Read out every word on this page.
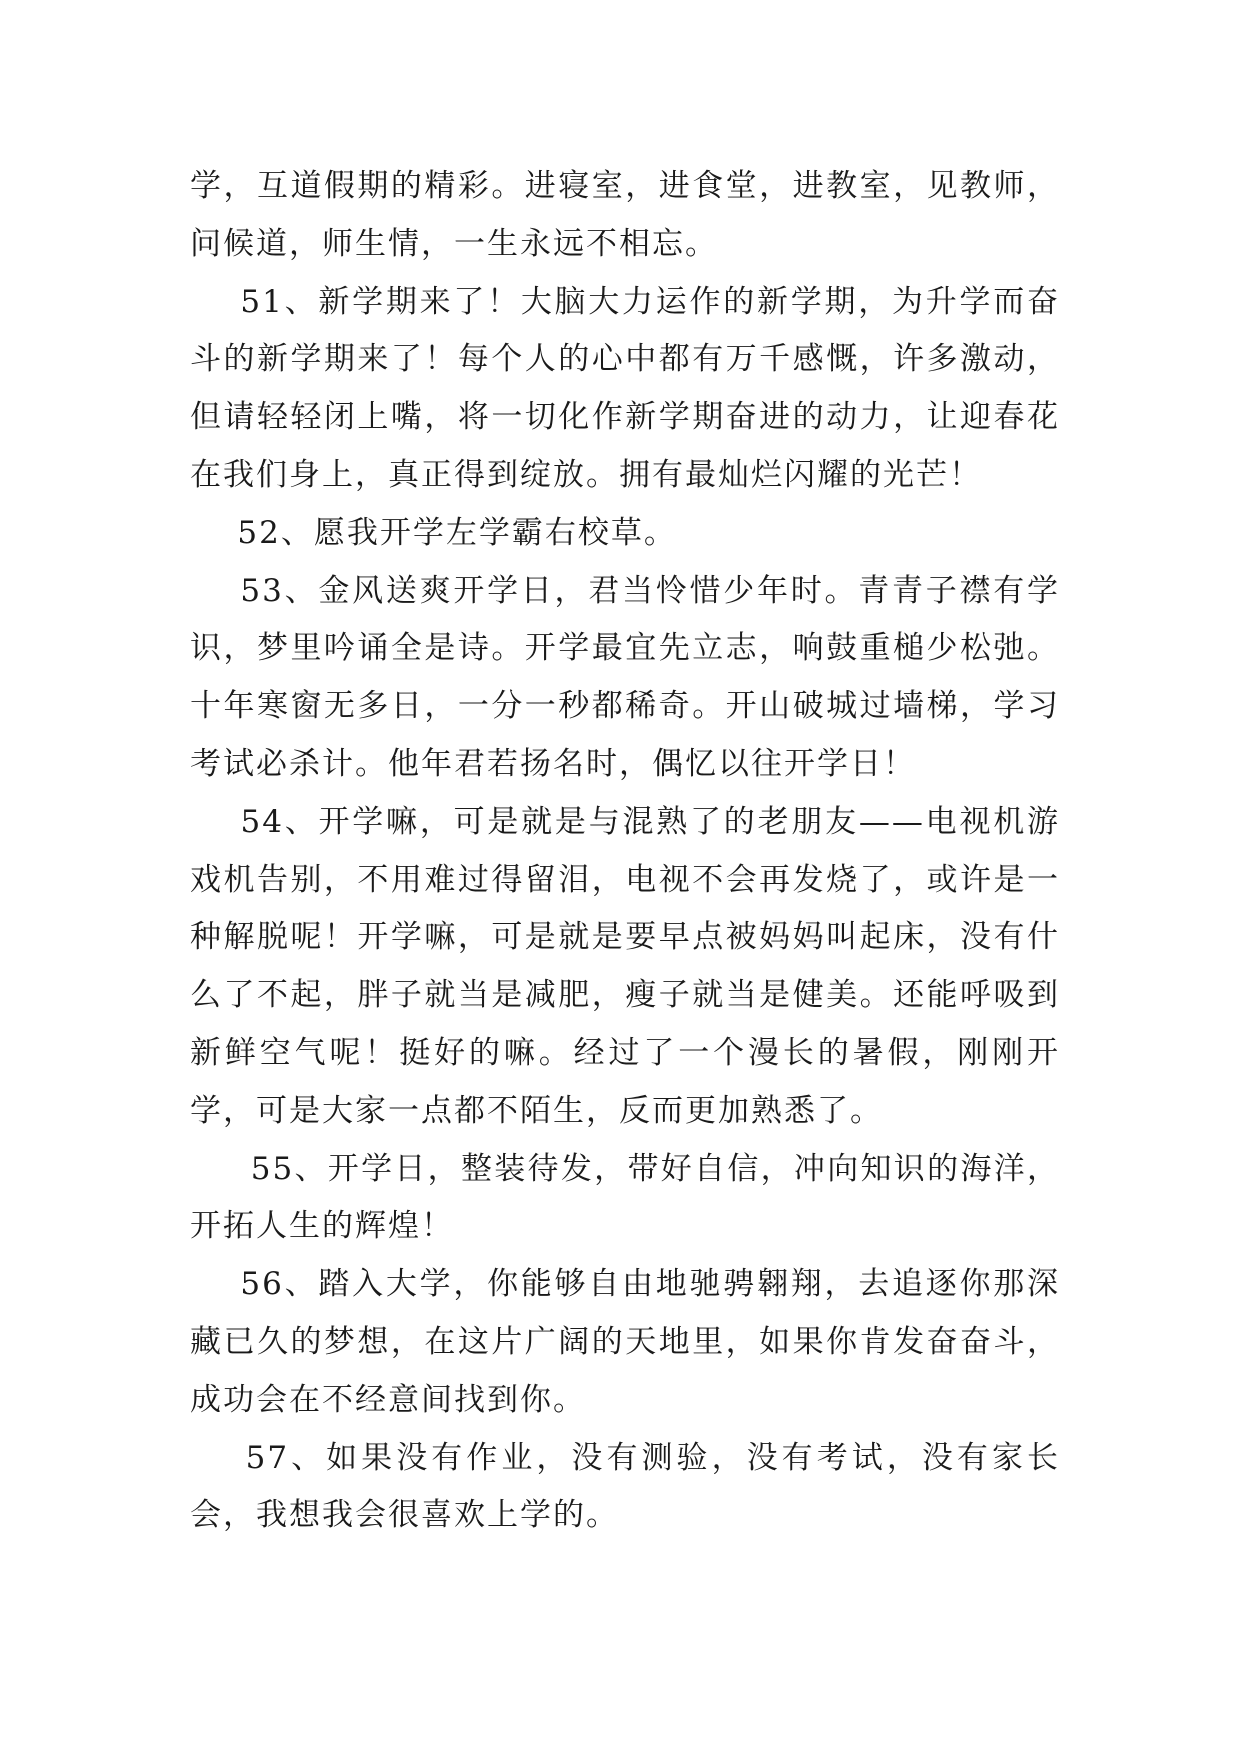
学，互道假期的精彩。进寝室，进食堂，进教室，见教师，问候道，师生情，一生永远不相忘。

51、新学期来了！大脑大力运作的新学期，为升学而奋斗的新学期来了！每个人的心中都有万千感慨，许多激动，但请轻轻闭上嘴，将一切化作新学期奋进的动力，让迎春花在我们身上，真正得到绽放。拥有最灿烂闪耀的光芒！

52、愿我开学左学霸右校草。

53、金风送爽开学日，君当怜惜少年时。青青子襟有学识，梦里吟诵全是诗。开学最宜先立志，响鼓重槌少松弛。十年寒窗无多日，一分一秒都稀奇。开山破城过墙梯，学习考试必杀计。他年君若扬名时，偶忆以往开学日！

54、开学嘛，可是就是与混熟了的老朋友——电视机游戏机告别，不用难过得留泪，电视不会再发烧了，或许是一种解脱呢！开学嘛，可是就是要早点被妈妈叫起床，没有什么了不起，胖子就当是减肥，瘦子就当是健美。还能呼吸到新鲜空气呢！挺好的嘛。经过了一个漫长的暑假，刚刚开学，可是大家一点都不陌生，反而更加熟悉了。

55、开学日，整装待发，带好自信，冲向知识的海洋，开拓人生的辉煌！

56、踏入大学，你能够自由地驰骋翱翔，去追逐你那深藏已久的梦想，在这片广阔的天地里，如果你肯发奋奋斗，成功会在不经意间找到你。

57、如果没有作业，没有测验，没有考试，没有家长会，我想我会很喜欢上学的。
